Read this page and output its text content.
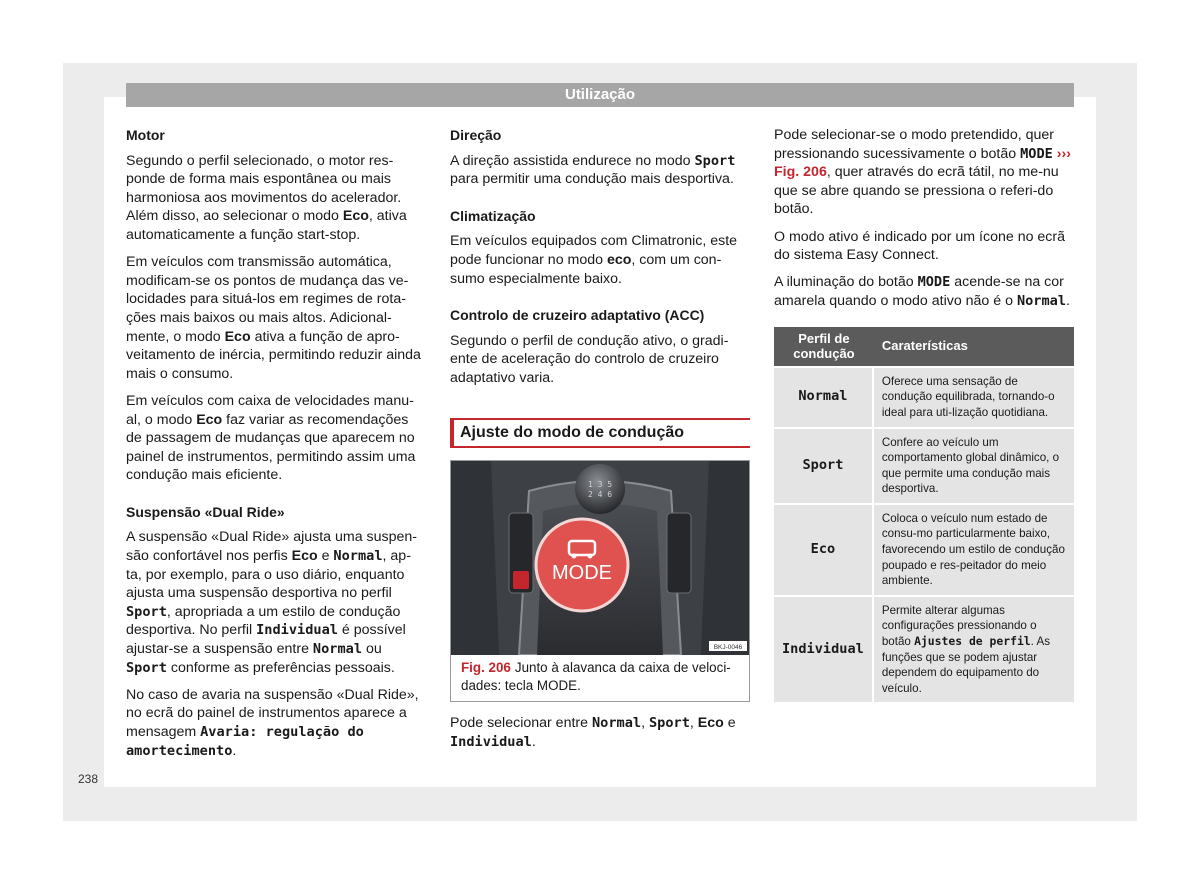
Utilização
Motor

Segundo o perfil selecionado, o motor res-ponde de forma mais espontânea ou mais harmoniosa aos movimentos do acelerador. Além disso, ao selecionar o modo Eco, ativa automaticamente a função start-stop.

Em veículos com transmissão automática, modificam-se os pontos de mudança das ve-locidades para situá-los em regimes de rota-ções mais baixos ou mais altos. Adicional-mente, o modo Eco ativa a função de apro-veitamento de inércia, permitindo reduzir ainda mais o consumo.

Em veículos com caixa de velocidades manu-al, o modo Eco faz variar as recomendações de passagem de mudanças que aparecem no painel de instrumentos, permitindo assim uma condução mais eficiente.

Suspensão «Dual Ride»

A suspensão «Dual Ride» ajusta uma suspen-são confortável nos perfis Eco e Normal, ap-ta, por exemplo, para o uso diário, enquanto ajusta uma suspensão desportiva no perfil Sport, apropriada a um estilo de condução desportiva. No perfil Individual é possível ajustar-se a suspensão entre Normal ou Sport conforme as preferências pessoais.

No caso de avaria na suspensão «Dual Ride», no ecrã do painel de instrumentos aparece a mensagem Avaria: regulação do amortecimento.

Direção

A direção assistida endurece no modo Sport para permitir uma condução mais desportiva.

Climatização

Em veículos equipados com Climatronic, este pode funcionar no modo eco, com um con-sumo especialmente baixo.

Controlo de cruzeiro adaptativo (ACC)

Segundo o perfil de condução ativo, o gradi-ente de aceleração do controlo de cruzeiro adaptativo varia.

Ajuste do modo de condução
1 3 5
2 4 6
MODE
BKJ-0046
Fig. 206 Junto à alavanca da caixa de veloci-dades: tecla MODE.

Pode selecionar entre Normal, Sport, Eco e Individual.

Pode selecionar-se o modo pretendido, quer pressionando sucessivamente o botão MODE ››› Fig. 206, quer através do ecrã tátil, no me-nu que se abre quando se pressiona o referi-do botão.

O modo ativo é indicado por um ícone no ecrã do sistema Easy Connect.

A iluminação do botão MODE acende-se na cor amarela quando o modo ativo não é o Normal.

Perfil de condução	Caraterísticas
Normal	Oferece uma sensação de condução equilibrada, tornando-o ideal para uti-lização quotidiana.
Sport	Confere ao veículo um comportamento global dinâmico, o que permite uma condução mais desportiva.
Eco	Coloca o veículo num estado de consu-mo particularmente baixo, favorecendo um estilo de condução poupado e res-peitador do meio ambiente.
Individual	Permite alterar algumas configurações pressionando o botão Ajustes de perfil. As funções que se podem ajustar dependem do equipamento do veículo.
238
